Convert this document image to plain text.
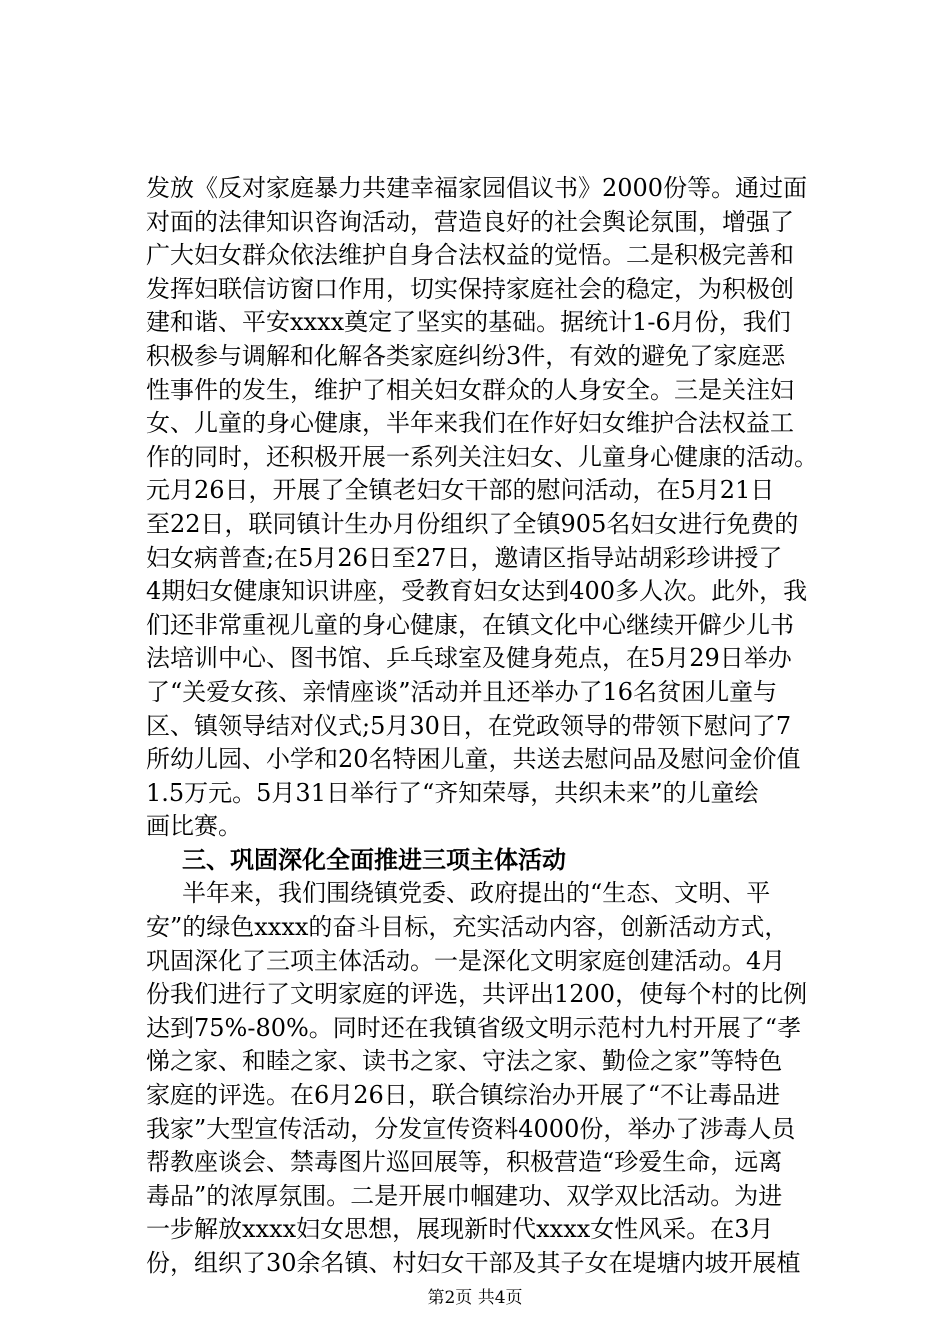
发放《反对家庭暴力共建幸福家园倡议书》2000份等。通过面
对面的法律知识咨询活动，营造良好的社会舆论氛围，增强了
广大妇女群众依法维护自身合法权益的觉悟。二是积极完善和
发挥妇联信访窗口作用，切实保持家庭社会的稳定，为积极创
建和谐、平安xxxx奠定了坚实的基础。据统计1-6月份，我们
积极参与调解和化解各类家庭纠纷3件，有效的避免了家庭恶
性事件的发生，维护了相关妇女群众的人身安全。三是关注妇
女、儿童的身心健康，半年来我们在作好妇女维护合法权益工
作的同时，还积极开展一系列关注妇女、儿童身心健康的活动。
元月26日，开展了全镇老妇女干部的慰问活动，在5月21日
至22日，联同镇计生办月份组织了全镇905名妇女进行免费的
妇女病普查;在5月26日至27日，邀请区指导站胡彩珍讲授了
4期妇女健康知识讲座，受教育妇女达到400多人次。此外，我
们还非常重视儿童的身心健康，在镇文化中心继续开僻少儿书
法培训中心、图书馆、乒乓球室及健身苑点，在5月29日举办
了“关爱女孩、亲情座谈”活动并且还举办了16名贫困儿童与
区、镇领导结对仪式;5月30日，在党政领导的带领下慰问了7
所幼儿园、小学和20名特困儿童，共送去慰问品及慰问金价值
1.5万元。5月31日举行了“齐知荣辱，共织未来”的儿童绘
画比赛。
三、巩固深化全面推进三项主体活动
半年来，我们围绕镇党委、政府提出的“生态、文明、平
安”的绿色xxxx的奋斗目标，充实活动内容，创新活动方式，
巩固深化了三项主体活动。一是深化文明家庭创建活动。4月
份我们进行了文明家庭的评选，共评出1200，使每个村的比例
达到75%-80%。同时还在我镇省级文明示范村九村开展了“孝
悌之家、和睦之家、读书之家、守法之家、勤俭之家”等特色
家庭的评选。在6月26日，联合镇综治办开展了“不让毒品进
我家”大型宣传活动，分发宣传资料4000份，举办了涉毒人员
帮教座谈会、禁毒图片巡回展等，积极营造“珍爱生命，远离
毒品”的浓厚氛围。二是开展巾帼建功、双学双比活动。为进
一步解放xxxx妇女思想，展现新时代xxxx女性风采。在3月
份，组织了30余名镇、村妇女干部及其子女在堤塘内坡开展植
第2页 共4页
